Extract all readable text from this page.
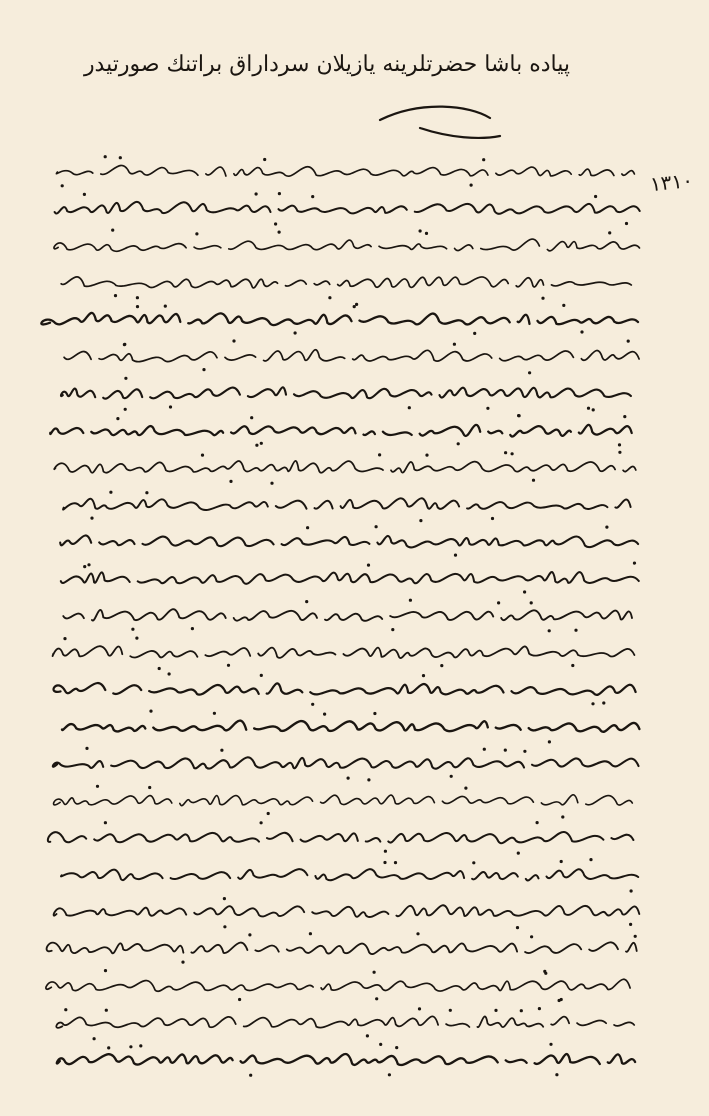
پیاده باشا حضرتلرینه یازیلان سرداراق براتنك صورتیدر
١٣١٠
